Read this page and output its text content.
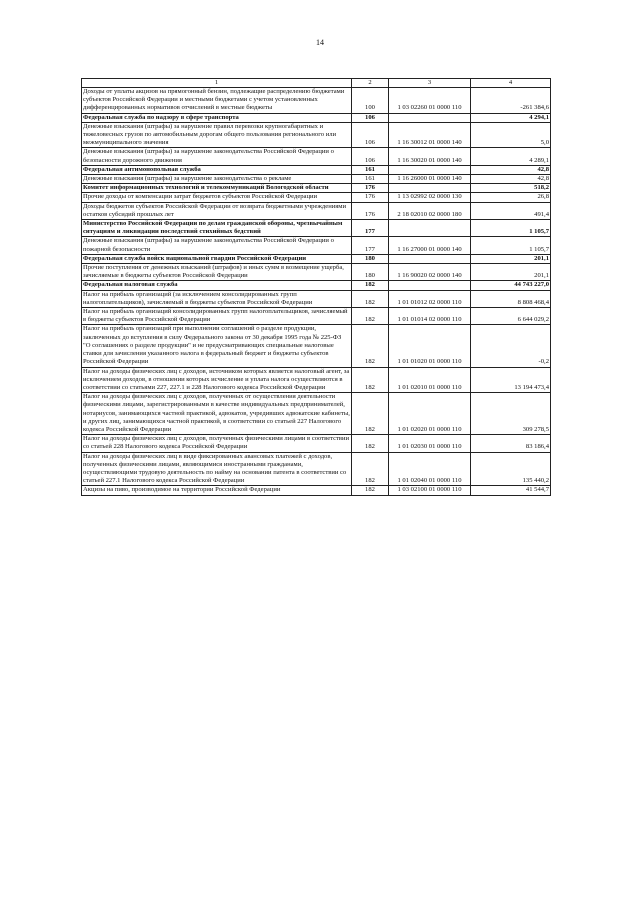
14
1	2	3	4
Доходы от уплаты акцизов на прямогонный бензин, подлежащие распределению бюджетами субъектов Российской Федерации и местными бюджетами с учетом установленных дифференцированных нормативов отчислений в местные бюджеты	100	1 03 02260 01 0000 110	-261 384,6
Федеральная служба по надзору в сфере транспорта	106		4 294,1
Денежные взыскания (штрафы) за нарушение правил перевозки крупногабаритных и тяжеловесных грузов по автомобильным дорогам общего пользования регионального или межмуниципального значения	106	1 16 30012 01 0000 140	5,0
Денежные взыскания (штрафы) за нарушение законодательства Российской Федерации о безопасности дорожного движения	106	1 16 30020 01 0000 140	4 289,1
Федеральная антимонопольная служба	161		42,8
Денежные взыскания (штрафы) за нарушение законодательства о рекламе	161	1 16 26000 01 0000 140	42,8
Комитет информационных технологий и телекоммуникаций Вологодской области	176		518,2
Прочие доходы от компенсации затрат бюджетов субъектов Российской Федерации	176	1 13 02992 02 0000 130	26,8
Доходы бюджетов субъектов Российской Федерации от возврата бюджетными учреждениями остатков субсидий прошлых лет	176	2 18 02010 02 0000 180	491,4
Министерство Российской Федерации по делам гражданской обороны, чрезвычайным ситуациям и ликвидации последствий стихийных бедствий	177		1 105,7
Денежные взыскания (штрафы) за нарушение законодательства Российской Федерации о пожарной безопасности	177	1 16 27000 01 0000 140	1 105,7
Федеральная служба войск национальной гвардии Российской Федерации	180		201,1
Прочие поступления от денежных взысканий (штрафов) и иных сумм в возмещение ущерба, зачисляемые в бюджеты субъектов Российской Федерации	180	1 16 90020 02 0000 140	201,1
Федеральная налоговая служба	182		44 743 227,0
Налог на прибыль организаций (за исключением консолидированных групп налогоплательщиков), зачисляемый в бюджеты субъектов Российской Федерации	182	1 01 01012 02 0000 110	8 808 468,4
Налог на прибыль организаций консолидированных групп налогоплательщиков, зачисляемый в бюджеты субъектов Российской Федерации	182	1 01 01014 02 0000 110	6 644 029,2
Налог на прибыль организаций при выполнении соглашений о разделе продукции, заключенных до вступления в силу Федерального закона от 30 декабря 1995 года № 225-ФЗ "О соглашениях о разделе продукции" и не предусматривающих специальные налоговые ставки для зачисления указанного налога в федеральный бюджет и бюджеты субъектов Российской Федерации	182	1 01 01020 01 0000 110	-0,2
Налог на доходы физических лиц с доходов, источником которых является налоговый агент, за исключением доходов, в отношении которых исчисление и уплата налога осуществляются в соответствии со статьями 227, 227.1 и 228 Налогового кодекса Российской Федерации	182	1 01 02010 01 0000 110	13 194 473,4
Налог на доходы физических лиц с доходов, полученных от осуществления деятельности физическими лицами, зарегистрированными в качестве индивидуальных предпринимателей, нотариусов, занимающихся частной практикой, адвокатов, учредивших адвокатские кабинеты, и других лиц, занимающихся частной практикой, в соответствии со статьей 227 Налогового кодекса Российской Федерации	182	1 01 02020 01 0000 110	309 278,5
Налог на доходы физических лиц с доходов, полученных физическими лицами в соответствии со статьей 228 Налогового кодекса Российской Федерации	182	1 01 02030 01 0000 110	83 186,4
Налог на доходы физических лиц в виде фиксированных авансовых платежей с доходов, полученных физическими лицами, являющимися иностранными гражданами, осуществляющими трудовую деятельность по найму на основании патента в соответствии со статьей 227.1 Налогового кодекса Российской Федерации	182	1 01 02040 01 0000 110	135 440,2
Акцизы на пиво, производимое на территории Российской Федерации	182	1 03 02100 01 0000 110	41 544,7
